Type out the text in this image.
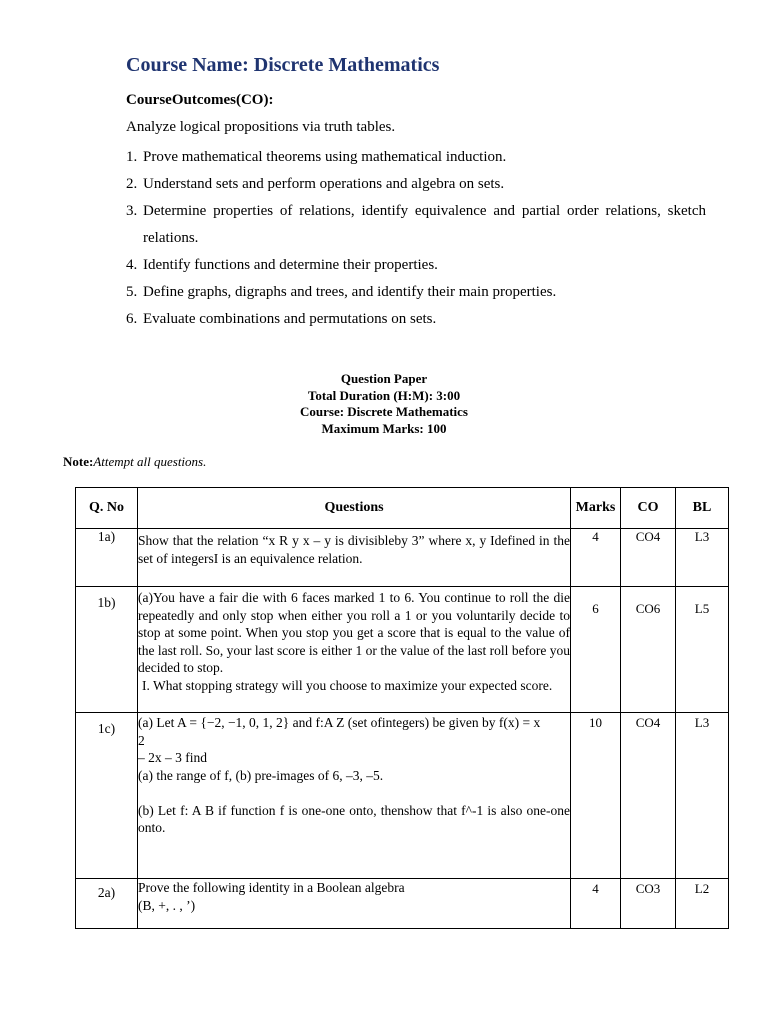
Course Name: Discrete Mathematics
CourseOutcomes(CO):
Analyze logical propositions via truth tables.
1. Prove mathematical theorems using mathematical induction.
2. Understand sets and perform operations and algebra on sets.
3. Determine properties of relations, identify equivalence and partial order relations, sketch relations.
4. Identify functions and determine their properties.
5. Define graphs, digraphs and trees, and identify their main properties.
6. Evaluate combinations and permutations on sets.
Question Paper
Total Duration (H:M): 3:00
Course: Discrete Mathematics
Maximum Marks: 100
Note:Attempt all questions.
Q. No	Questions	Marks	CO	BL
1a)	Show that the relation “x R y x – y is divisibleby 3” where x, y Idefined in the set of integersI is an equivalence relation.	4	CO4	L3
1b)	(a)You have a fair die with 6 faces marked 1 to 6. You continue to roll the die repeatedly and only stop when either you roll a 1 or you voluntarily decide to stop at some point. When you stop you get a score that is equal to the value of the last roll. So, your last score is either 1 or the value of the last roll before you decided to stop.
I. What stopping strategy will you choose to maximize your expected score.	6	CO6	L5
1c)	(a) Let A = {−2, −1, 0, 1, 2} and f:A Z (set ofintegers) be given by f(x) = x
2
– 2x – 3 find
(a) the range of f, (b) pre-images of 6, –3, –5.
(b) Let f: A B if function f is one-one onto, thenshow that f^-1 is also one-one onto.	10	CO4	L3
2a)	Prove the following identity in a Boolean algebra
(B, +, . , ’)	4	CO3	L2
